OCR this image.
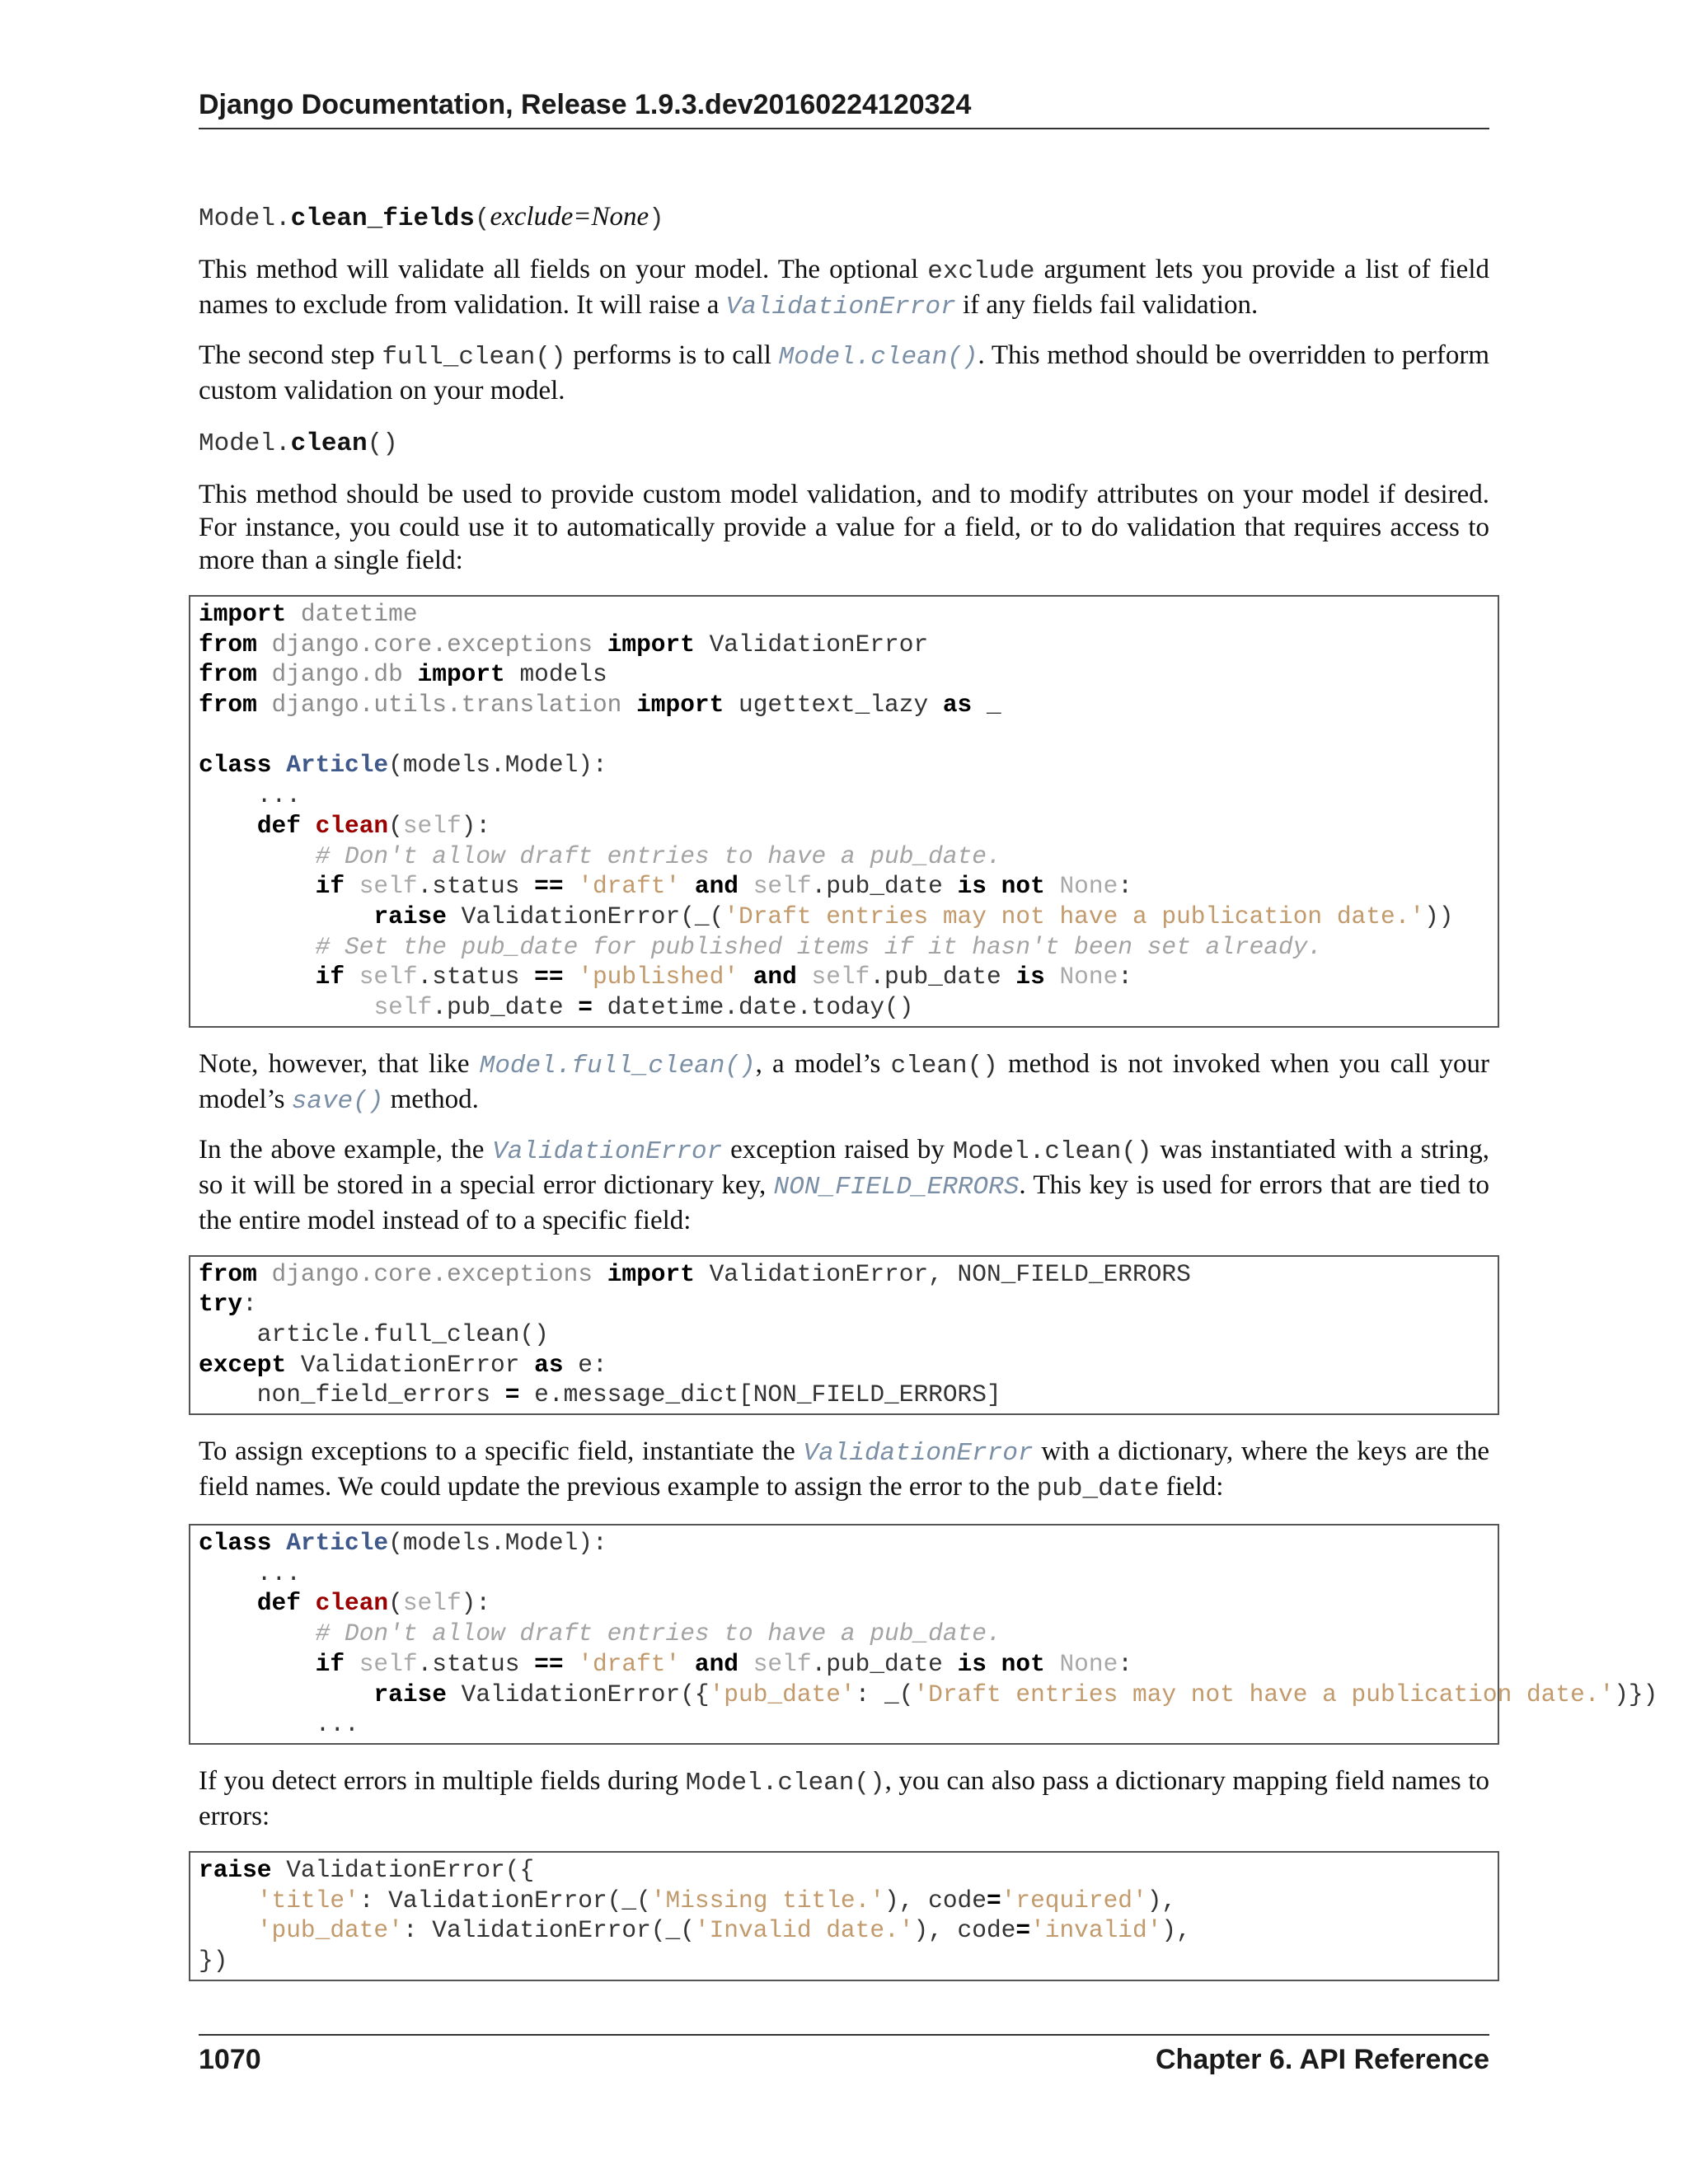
Django Documentation, Release 1.9.3.dev20160224120324
Model.clean_fields(exclude=None)

This method will validate all fields on your model. The optional exclude argument lets you provide a list of field names to exclude from validation. It will raise a ValidationError if any fields fail validation.

The second step full_clean() performs is to call Model.clean(). This method should be overridden to perform custom validation on your model.

Model.clean()

This method should be used to provide custom model validation, and to modify attributes on your model if desired. For instance, you could use it to automatically provide a value for a field, or to do validation that requires access to more than a single field:

import datetime
from django.core.exceptions import ValidationError
from django.db import models
from django.utils.translation import ugettext_lazy as _
class Article(models.Model):
...
def clean(self):
# Don't allow draft entries to have a pub_date.
if self.status == 'draft' and self.pub_date is not None:
raise ValidationError(_('Draft entries may not have a publication date.'))
# Set the pub_date for published items if it hasn't been set already.
if self.status == 'published' and self.pub_date is None:
self.pub_date = datetime.date.today()

Note, however, that like Model.full_clean(), a model’s clean() method is not invoked when you call your model’s save() method.

In the above example, the ValidationError exception raised by Model.clean() was instantiated with a string, so it will be stored in a special error dictionary key, NON_FIELD_ERRORS. This key is used for errors that are tied to the entire model instead of to a specific field:

from django.core.exceptions import ValidationError, NON_FIELD_ERRORS
try:
article.full_clean()
except ValidationError as e:
non_field_errors = e.message_dict[NON_FIELD_ERRORS]

To assign exceptions to a specific field, instantiate the ValidationError with a dictionary, where the keys are the field names. We could update the previous example to assign the error to the pub_date field:

class Article(models.Model):
...
def clean(self):
# Don't allow draft entries to have a pub_date.
if self.status == 'draft' and self.pub_date is not None:
raise ValidationError({'pub_date': _('Draft entries may not have a publication date.')})
...

If you detect errors in multiple fields during Model.clean(), you can also pass a dictionary mapping field names to errors:

raise ValidationError({
'title': ValidationError(_('Missing title.'), code='required'),
'pub_date': ValidationError(_('Invalid date.'), code='invalid'),
})
1070	Chapter 6. API Reference
